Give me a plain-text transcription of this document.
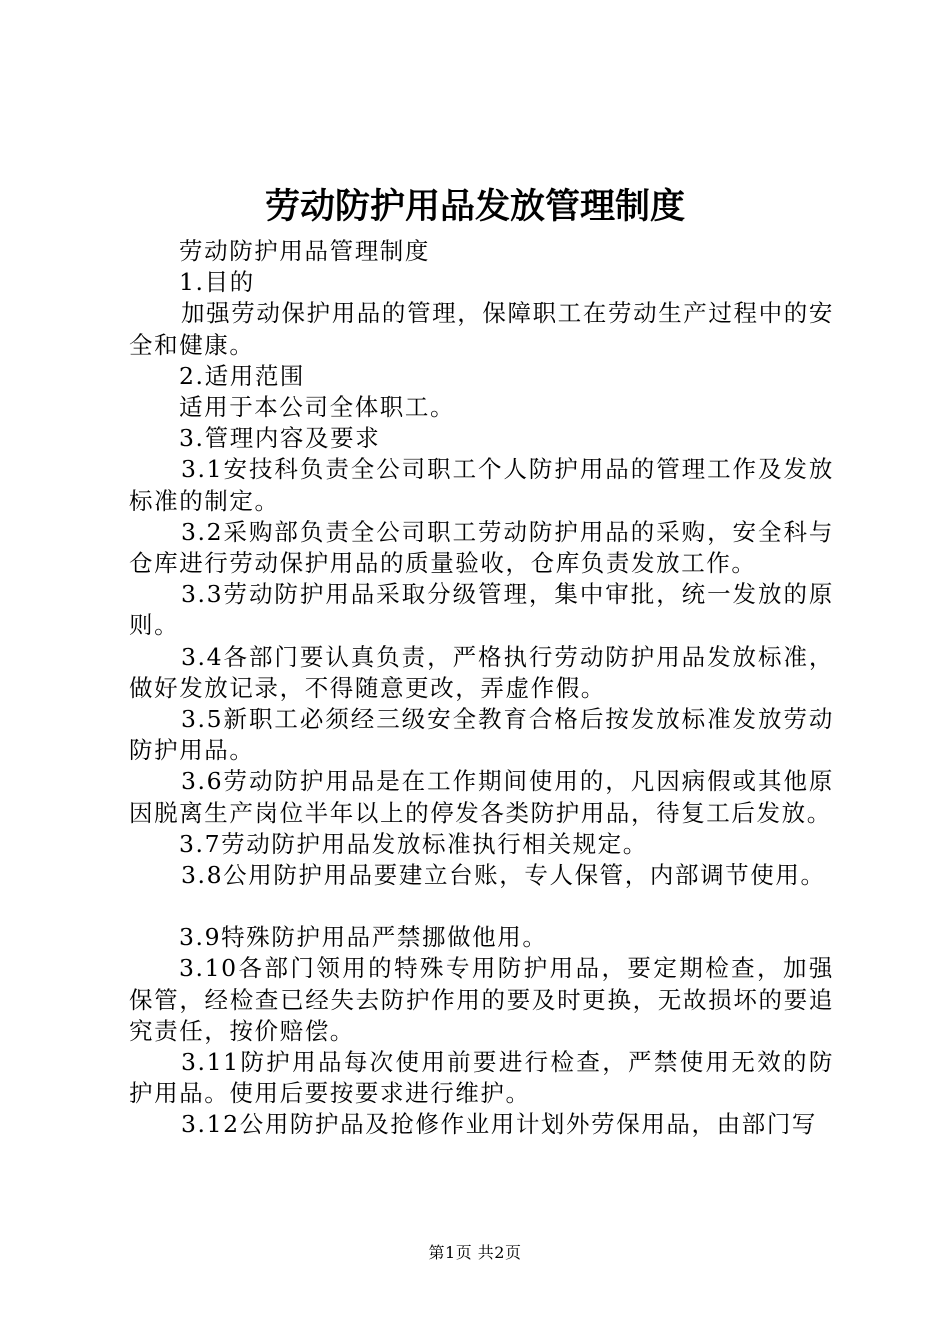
劳动防护用品发放管理制度

劳动防护用品管理制度

1.目的

加强劳动保护用品的管理，保障职工在劳动生产过程中的安全和健康。

2.适用范围

适用于本公司全体职工。

3.管理内容及要求

3.1安技科负责全公司职工个人防护用品的管理工作及发放标准的制定。

3.2采购部负责全公司职工劳动防护用品的采购，安全科与仓库进行劳动保护用品的质量验收，仓库负责发放工作。

3.3劳动防护用品采取分级管理，集中审批，统一发放的原则。

3.4各部门要认真负责，严格执行劳动防护用品发放标准，做好发放记录，不得随意更改，弄虚作假。

3.5新职工必须经三级安全教育合格后按发放标准发放劳动防护用品。

3.6劳动防护用品是在工作期间使用的，凡因病假或其他原因脱离生产岗位半年以上的停发各类防护用品，待复工后发放。

3.7劳动防护用品发放标准执行相关规定。

3.8公用防护用品要建立台账，专人保管，内部调节使用。

3.9特殊防护用品严禁挪做他用。

3.10各部门领用的特殊专用防护用品，要定期检查，加强保管，经检查已经失去防护作用的要及时更换，无故损坏的要追究责任，按价赔偿。

3.11防护用品每次使用前要进行检查，严禁使用无效的防护用品。使用后要按要求进行维护。

3.12公用防护品及抢修作业用计划外劳保用品，由部门写

第1页 共2页
